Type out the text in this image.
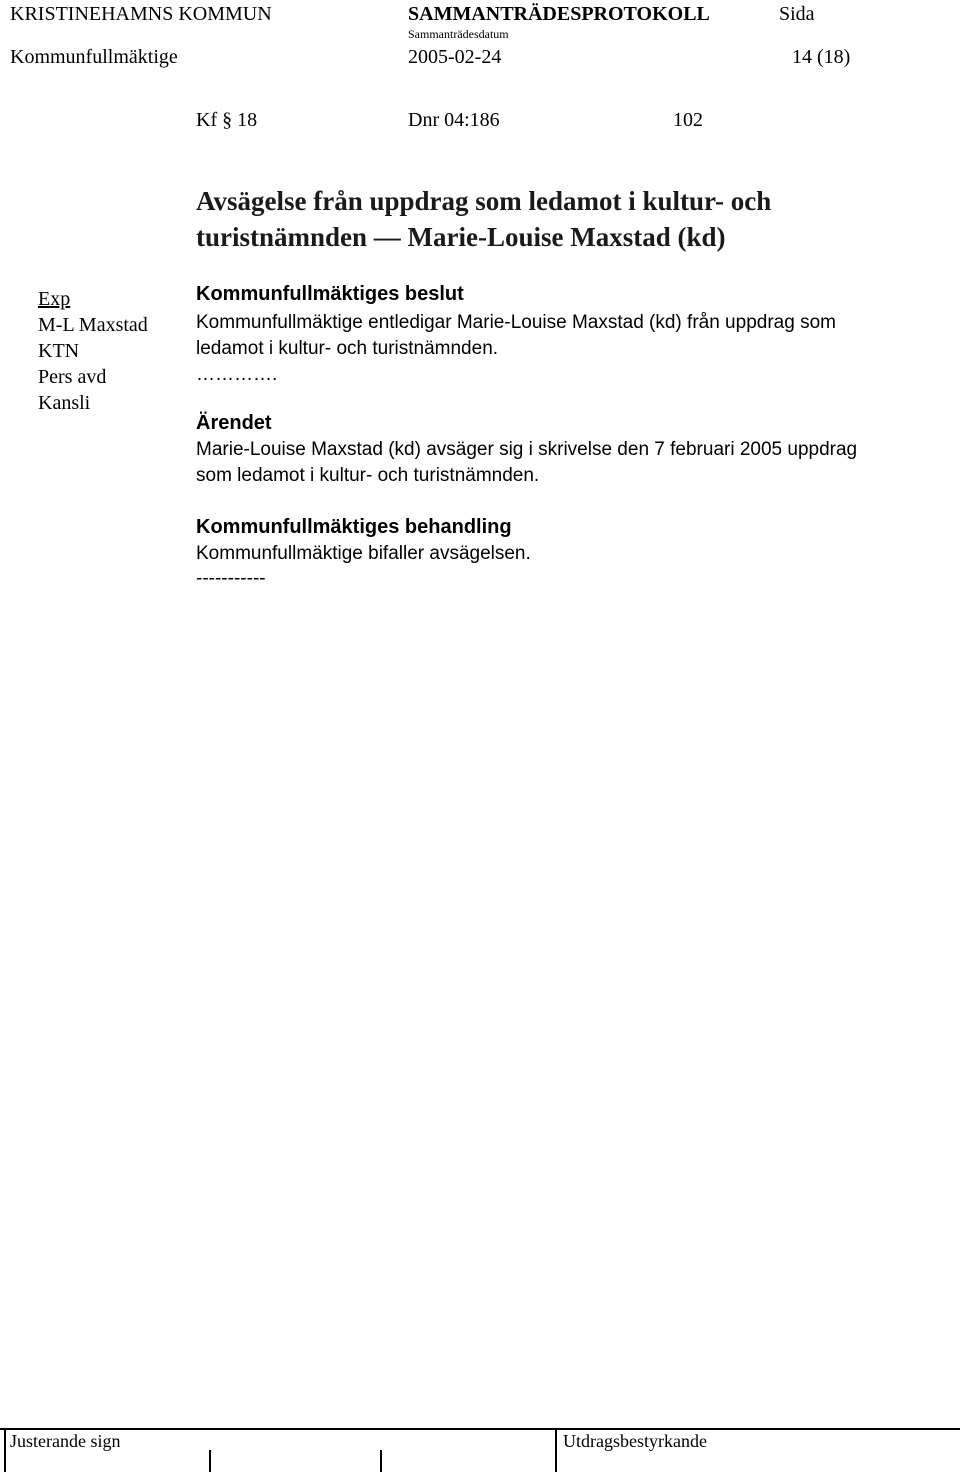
KRISTINEHAMNS KOMMUN	SAMMANTRÄDESPROTOKOLL	Sida
Sammanträdesdatum
Kommunfullmäktige	2005-02-24	14 (18)
Kf § 18	Dnr 04:186	102
Avsägelse från uppdrag som ledamot i kultur- och
turistnämnden — Marie-Louise Maxstad (kd)
Exp
M-L Maxstad
KTN
Pers avd
Kansli
Kommunfullmäktiges beslut
Kommunfullmäktige entledigar Marie-Louise Maxstad (kd) från uppdrag som
ledamot i kultur- och turistnämnden.
………….
Ärendet
Marie-Louise Maxstad (kd) avsäger sig i skrivelse den 7 februari 2005 uppdrag
som ledamot i kultur- och turistnämnden.
Kommunfullmäktiges behandling
Kommunfullmäktige bifaller avsägelsen.
-----------
Justerande sign	Utdragsbestyrkande
